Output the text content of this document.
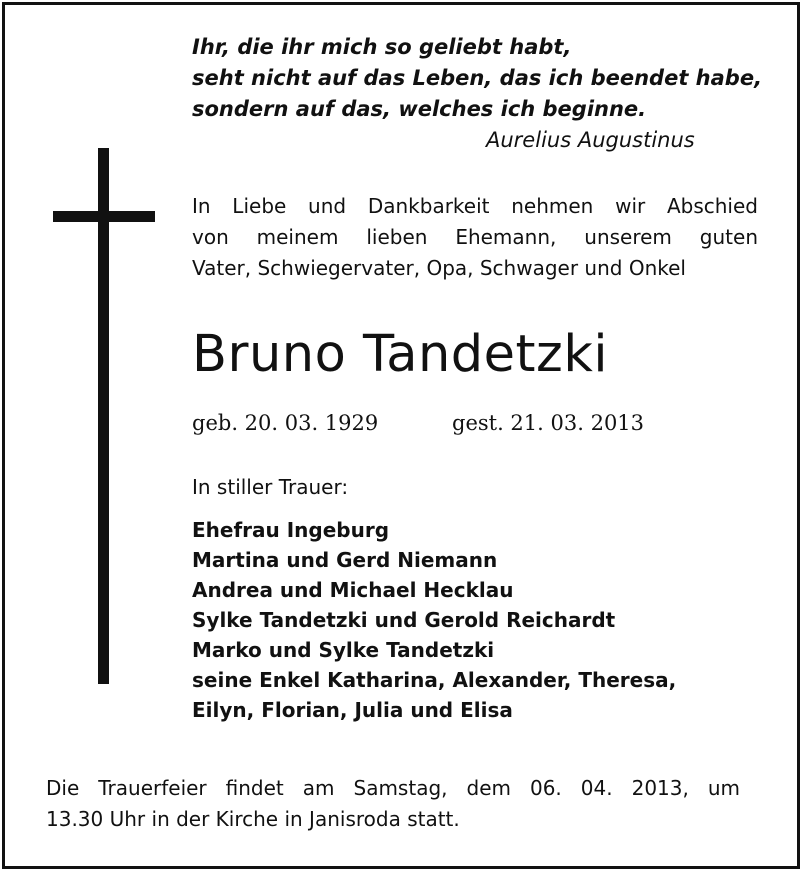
Ihr, die ihr mich so geliebt habt,
seht nicht auf das Leben, das ich beendet habe,
sondern auf das, welches ich beginne.
Aurelius Augustinus
In Liebe und Dankbarkeit nehmen wir Abschied
von meinem lieben Ehemann, unserem guten
Vater, Schwiegervater, Opa, Schwager und Onkel
Bruno Tandetzki
geb. 20. 03. 1929	gest. 21. 03. 2013
In stiller Trauer:
Ehefrau Ingeburg
Martina und Gerd Niemann
Andrea und Michael Hecklau
Sylke Tandetzki und Gerold Reichardt
Marko und Sylke Tandetzki
seine Enkel Katharina, Alexander, Theresa,
Eilyn, Florian, Julia und Elisa
Die Trauerfeier findet am Samstag, dem 06. 04. 2013, um
13.30 Uhr in der Kirche in Janisroda statt.
